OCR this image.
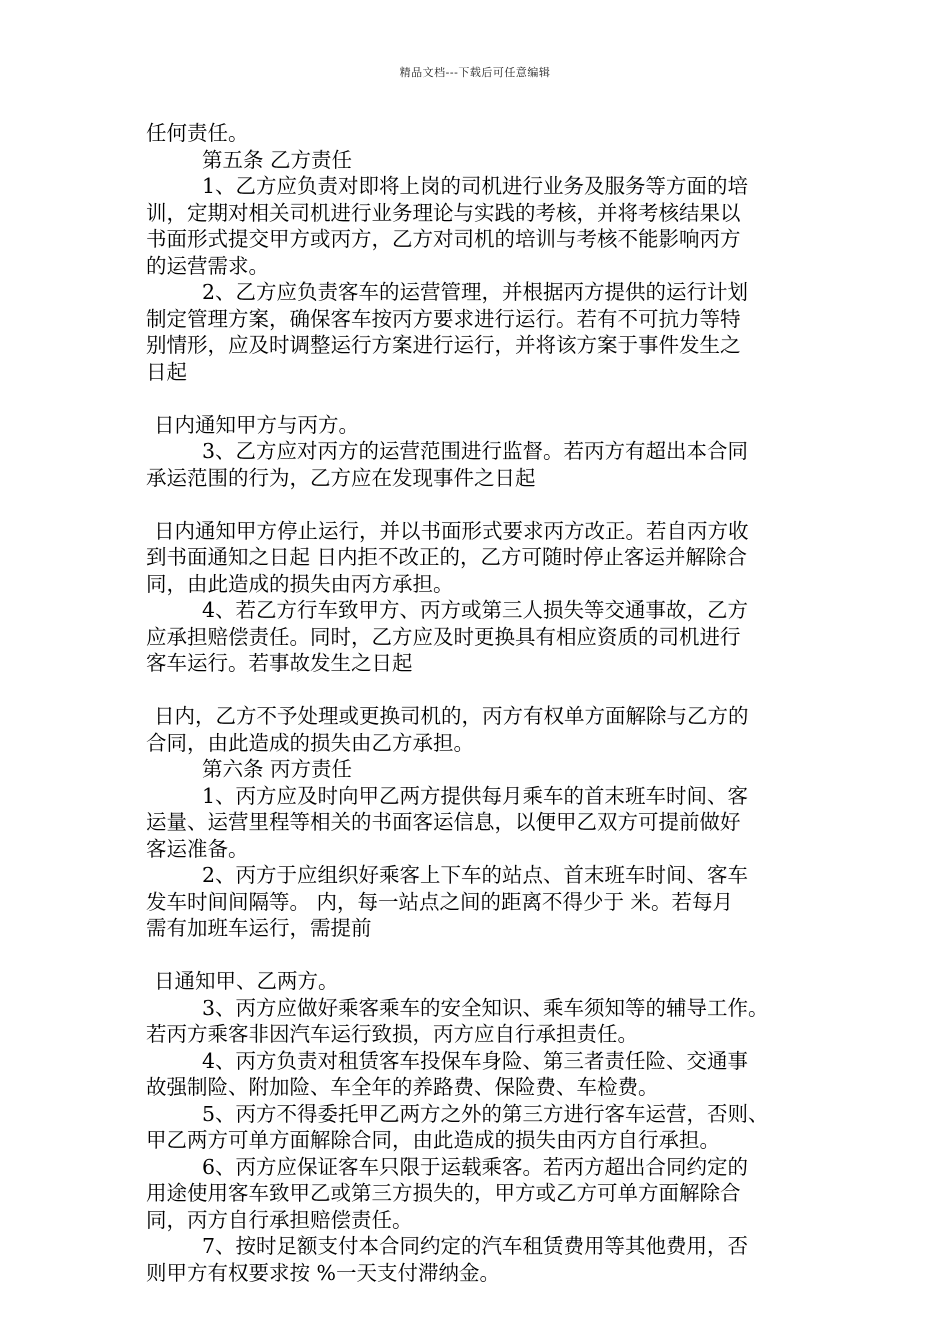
精品文档---下载后可任意编辑
任何责任。
第五条 乙方责任
1、乙方应负责对即将上岗的司机进行业务及服务等方面的培
训，定期对相关司机进行业务理论与实践的考核，并将考核结果以
书面形式提交甲方或丙方，乙方对司机的培训与考核不能影响丙方
的运营需求。
2、乙方应负责客车的运营管理，并根据丙方提供的运行计划
制定管理方案，确保客车按丙方要求进行运行。若有不可抗力等特
别情形，应及时调整运行方案进行运行，并将该方案于事件发生之
日起
日内通知甲方与丙方。
3、乙方应对丙方的运营范围进行监督。若丙方有超出本合同
承运范围的行为，乙方应在发现事件之日起
日内通知甲方停止运行，并以书面形式要求丙方改正。若自丙方收
到书面通知之日起 日内拒不改正的，乙方可随时停止客运并解除合
同，由此造成的损失由丙方承担。
4、若乙方行车致甲方、丙方或第三人损失等交通事故，乙方
应承担赔偿责任。同时，乙方应及时更换具有相应资质的司机进行
客车运行。若事故发生之日起
日内，乙方不予处理或更换司机的，丙方有权单方面解除与乙方的
合同，由此造成的损失由乙方承担。
第六条 丙方责任
1、丙方应及时向甲乙两方提供每月乘车的首末班车时间、客
运量、运营里程等相关的书面客运信息，以便甲乙双方可提前做好
客运准备。
2、丙方于应组织好乘客上下车的站点、首末班车时间、客车
发车时间间隔等。 内，每一站点之间的距离不得少于 米。若每月
需有加班车运行，需提前
日通知甲、乙两方。
3、丙方应做好乘客乘车的安全知识、乘车须知等的辅导工作。
若丙方乘客非因汽车运行致损，丙方应自行承担责任。
4、丙方负责对租赁客车投保车身险、第三者责任险、交通事
故强制险、附加险、车全年的养路费、保险费、车检费。
5、丙方不得委托甲乙两方之外的第三方进行客车运营，否则、
甲乙两方可单方面解除合同，由此造成的损失由丙方自行承担。
6、丙方应保证客车只限于运载乘客。若丙方超出合同约定的
用途使用客车致甲乙或第三方损失的，甲方或乙方可单方面解除合
同，丙方自行承担赔偿责任。
7、按时足额支付本合同约定的汽车租赁费用等其他费用，否
则甲方有权要求按 %一天支付滞纳金。
